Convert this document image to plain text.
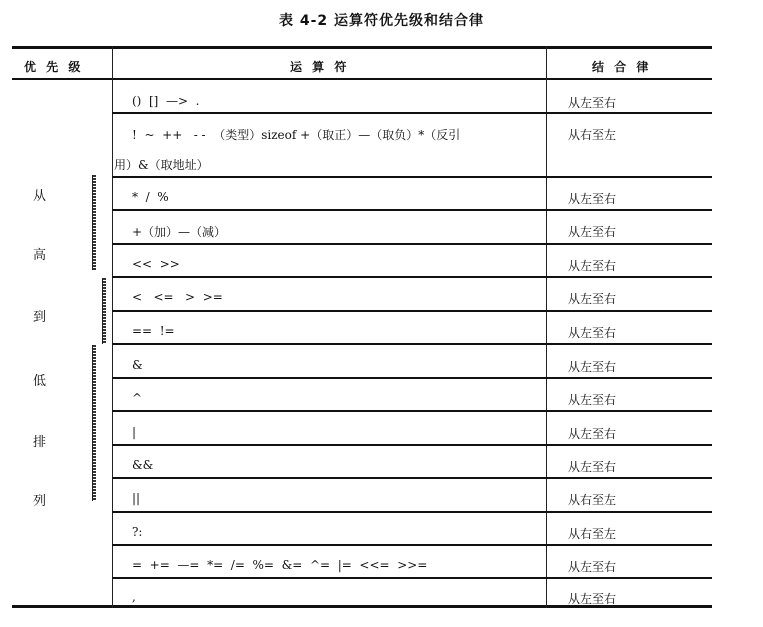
表 4-2 运算符优先级和结合律
优 先 级	运 算 符	结 合 律
()  []  —>  .
!  ~  ++   - -  （类型）sizeof +（取正）—（取负）*（反引
用）&（取地址）
*  /  %
+（加）—（减）
<<  >>
<   <=   >  >=
==  !=
&
^
|
&&
||
?:
=  +=  —=  *=  /=  %=  &=  ^=  |=  <<=  >>=
,
从左至右
从右至左
从左至右
从左至右
从左至右
从左至右
从左至右
从左至右
从左至右
从左至右
从左至右
从右至左
从右至左
从左至右
从左至右
从
高
到
低
排
列
